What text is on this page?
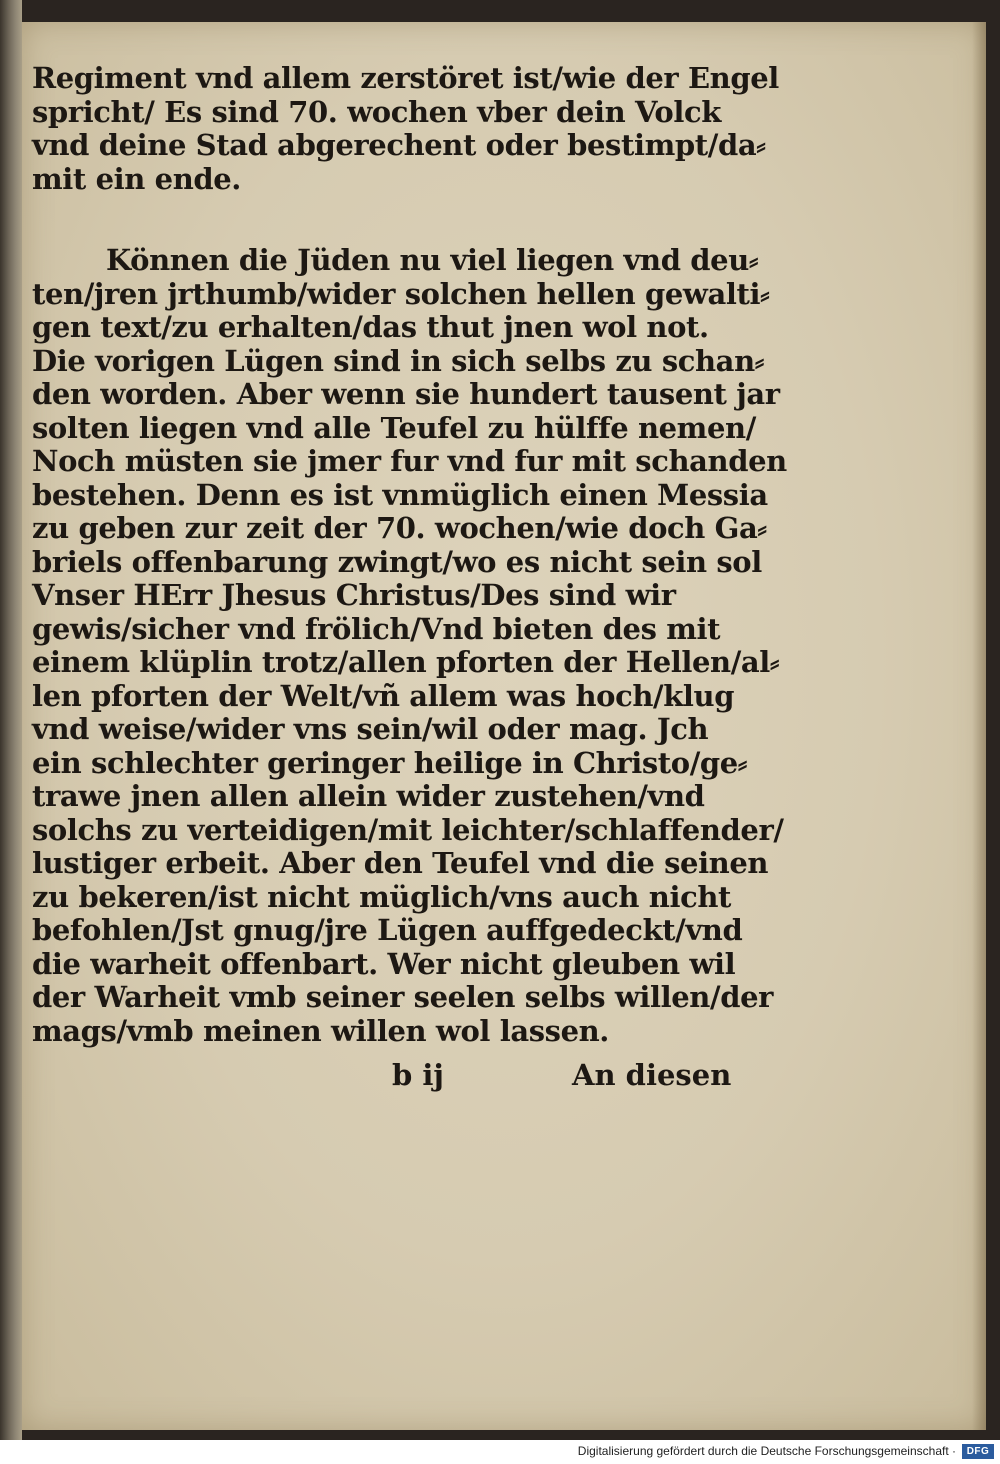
Regiment vnd allem zerstöret ist/wie der Engel
spricht/ Es sind 70. wochen vber dein Volck
vnd deine Stad abgerechent oder bestimpt/da⸗
mit ein ende.
Können die Jüden nu viel liegen vnd deu⸗
ten/jren jrthumb/wider solchen hellen gewalti⸗
gen text/zu erhalten/das thut jnen wol not.
Die vorigen Lügen sind in sich selbs zu schan⸗
den worden. Aber wenn sie hundert tausent jar
solten liegen vnd alle Teufel zu hülffe nemen/
Noch müsten sie jmer fur vnd fur mit schanden
bestehen. Denn es ist vnmüglich einen Messia
zu geben zur zeit der 70. wochen/wie doch Ga⸗
briels offenbarung zwingt/wo es nicht sein sol
Vnser HErr Jhesus Christus/Des sind wir
gewis/sicher vnd frölich/Vnd bieten des mit
einem klüplin trotz/allen pforten der Hellen/al⸗
len pforten der Welt/vñ allem was hoch/klug
vnd weise/wider vns sein/wil oder mag. Jch
ein schlechter geringer heilige in Christo/ge⸗
trawe jnen allen allein wider zustehen/vnd
solchs zu verteidigen/mit leichter/schlaffender/
lustiger erbeit. Aber den Teufel vnd die seinen
zu bekeren/ist nicht müglich/vns auch nicht
befohlen/Jst gnug/jre Lügen auffgedeckt/vnd
die warheit offenbart. Wer nicht gleuben wil
der Warheit vmb seiner seelen selbs willen/der
mags/vmb meinen willen wol lassen.
b ij	An diesen
Digitalisierung gefördert durch die Deutsche Forschungsgemeinschaft ·	DFG
